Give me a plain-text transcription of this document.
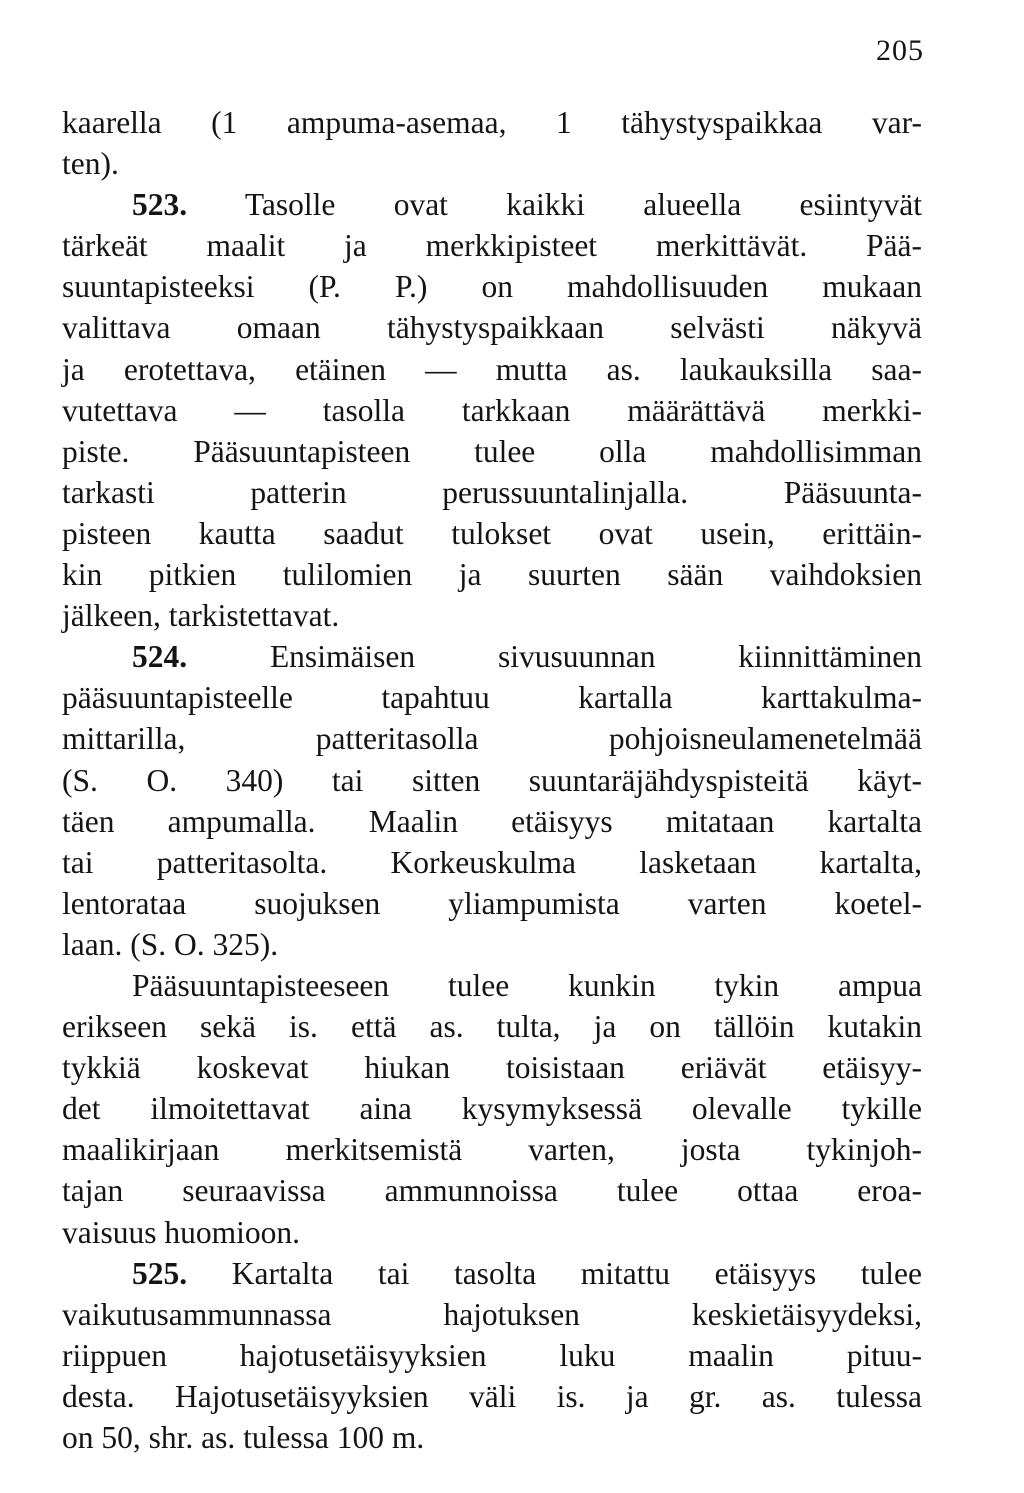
205
kaarella (1 ampuma-asemaa, 1 tähystyspaikkaa var-
ten).
523. Tasolle ovat kaikki alueella esiintyvät
tärkeät maalit ja merkkipisteet merkittävät. Pää-
suuntapisteeksi (P. P.) on mahdollisuuden mukaan
valittava omaan tähystyspaikkaan selvästi näkyvä
ja erotettava, etäinen — mutta as. laukauksilla saa-
vutettava — tasolla tarkkaan määrättävä merkki-
piste. Pääsuuntapisteen tulee olla mahdollisimman
tarkasti patterin perussuuntalinjalla. Pääsuunta-
pisteen kautta saadut tulokset ovat usein, erittäin-
kin pitkien tulilomien ja suurten sään vaihdoksien
jälkeen, tarkistettavat.
524.	Ensimäisen sivusuunnan kiinnittäminen
pääsuuntapisteelle tapahtuu kartalla karttakulma-
mittarilla, patteritasolla pohjoisneulamenetelmää
(S. O. 340) tai sitten suuntaräjähdyspisteitä käyt-
täen ampumalla. Maalin etäisyys mitataan kartalta
tai patteritasolta. Korkeuskulma lasketaan kartalta,
lentorataa suojuksen yliampumista varten koetel-
laan. (S. O. 325).
Pääsuuntapisteeseen tulee kunkin tykin ampua
erikseen sekä is. että as. tulta, ja on tällöin kutakin
tykkiä koskevat hiukan toisistaan eriävät etäisyy-
det ilmoitettavat aina kysymyksessä olevalle tykille
maalikirjaan merkitsemistä varten, josta tykinjoh-
tajan seuraavissa ammunnoissa tulee ottaa eroa-
vaisuus huomioon.
525. Kartalta tai tasolta mitattu etäisyys tulee
vaikutusammunnassa hajotuksen keskietäisyydeksi,
riippuen hajotusetäisyyksien luku maalin pituu-
desta. Hajotusetäisyyksien väli is. ja gr. as. tulessa
on 50, shr. as. tulessa 100 m.
